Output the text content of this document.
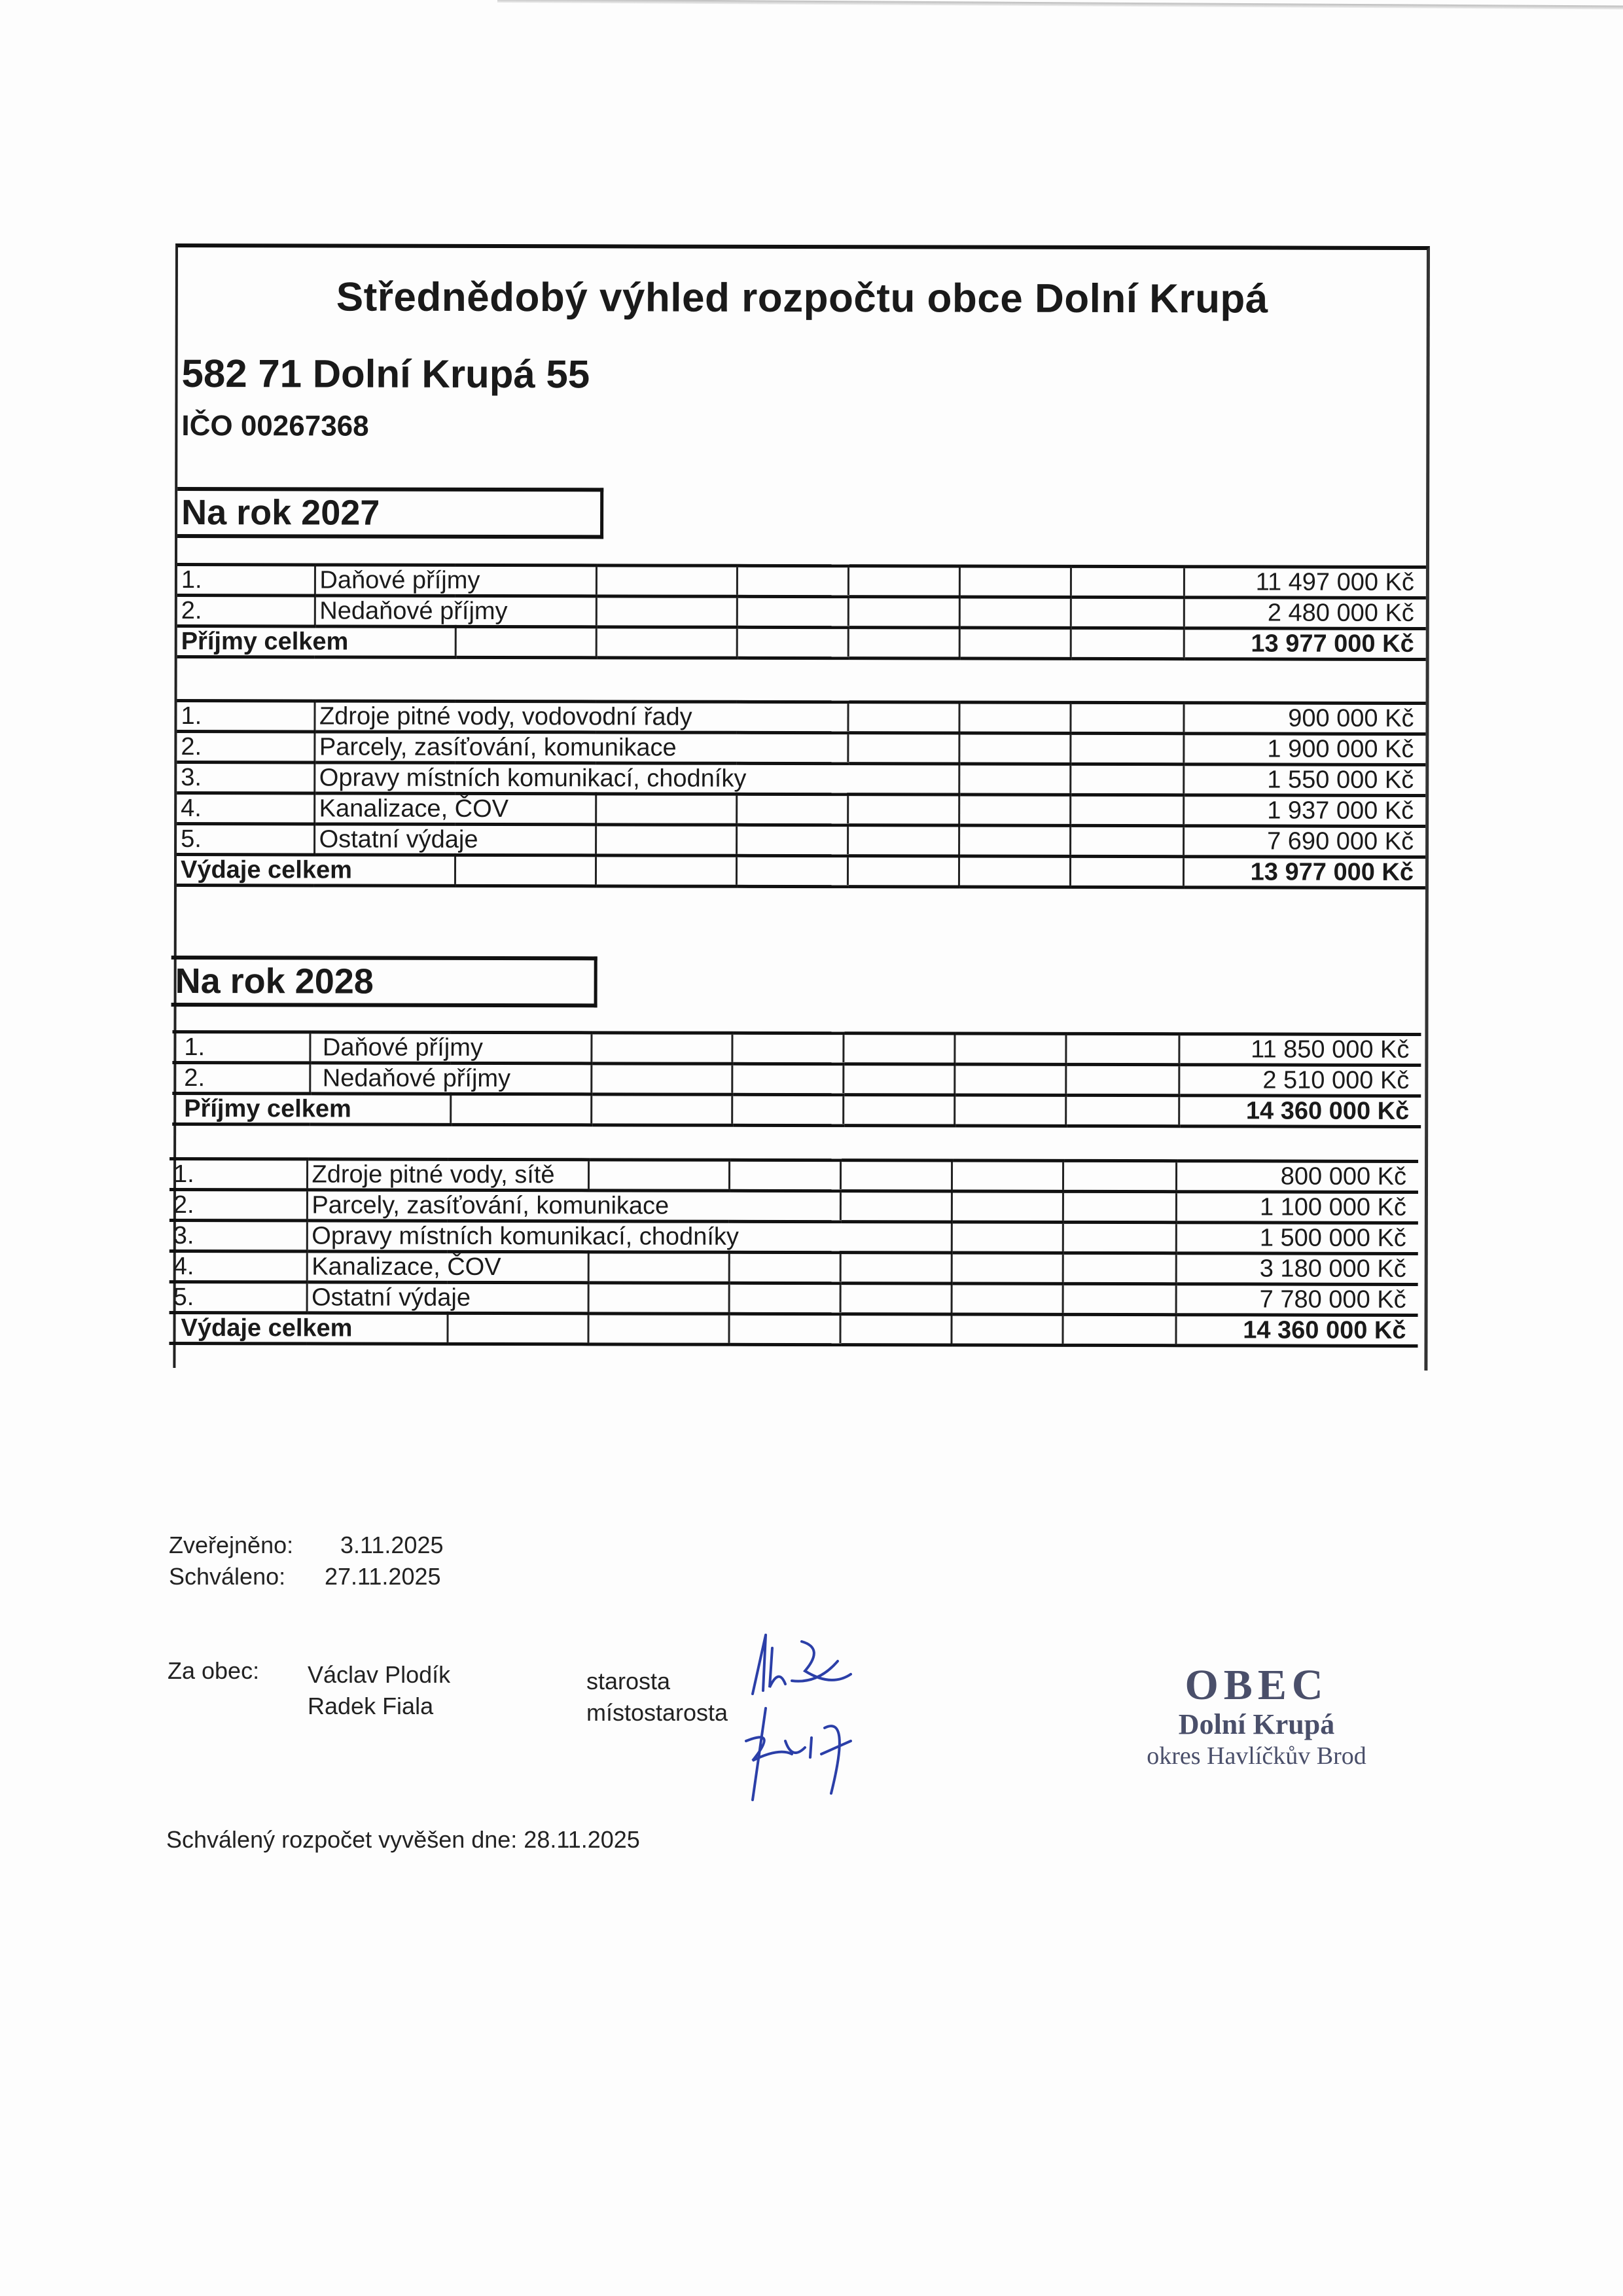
Střednědobý výhled rozpočtu obce Dolní Krupá
582 71 Dolní Krupá 55
IČO 00267368
Na rok 2027
1.	Daňové příjmy							11 497 000 Kč
2.	Nedaňové příjmy							2 480 000 Kč
Příjmy celkem								13 977 000 Kč
1.	Zdroje pitné vody, vodovodní řady							900 000 Kč
2.	Parcely, zasíťování, komunikace							1 900 000 Kč
3.	Opravy místních komunikací, chodníky							1 550 000 Kč
4.	Kanalizace, ČOV							1 937 000 Kč
5.	Ostatní výdaje							7 690 000 Kč
Výdaje celkem								13 977 000 Kč
Na rok 2028
1.	Daňové příjmy							11 850 000 Kč
2.	Nedaňové příjmy							2 510 000 Kč
Příjmy celkem								14 360 000 Kč
1.	Zdroje pitné vody, sítě							800 000 Kč
2.	Parcely, zasíťování, komunikace							1 100 000 Kč
3.	Opravy místních komunikací, chodníky							1 500 000 Kč
4.	Kanalizace, ČOV							3 180 000 Kč
5.	Ostatní výdaje							7 780 000 Kč
Výdaje celkem								14 360 000 Kč
Zveřejněno: 3.11.2025
Schváleno: 27.11.2025
Za obec: Václav Plodík
Radek Fiala
starosta
místostarosta
OBEC
Dolní Krupá
okres Havlíčkův Brod
Schválený rozpočet vyvěšen dne: 28.11.2025
